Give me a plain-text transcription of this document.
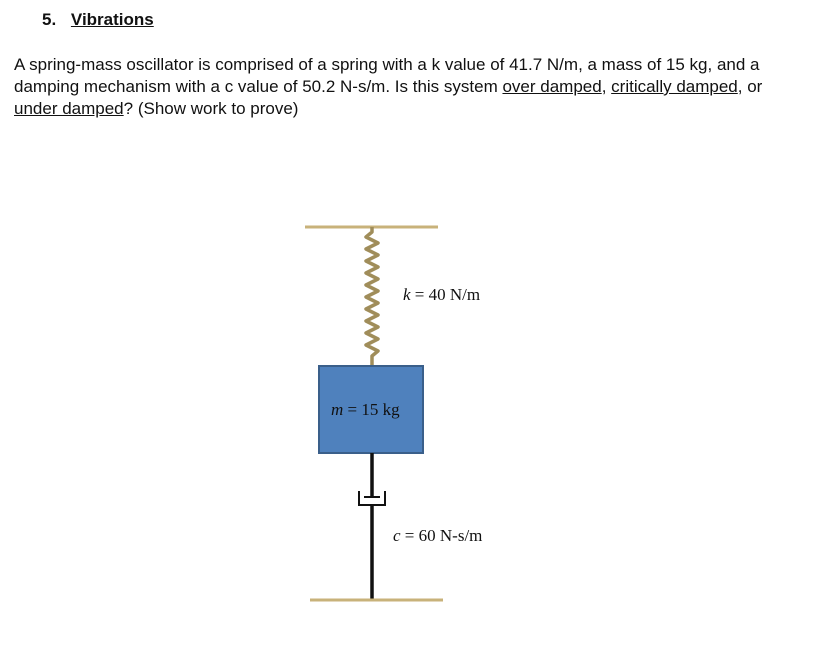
5. Vibrations

A spring-mass oscillator is comprised of a spring with a k value of 41.7 N/m, a mass of 15 kg, and a damping mechanism with a c value of 50.2 N-s/m. Is this system over damped, critically damped, or under damped? (Show work to prove)

k = 40 N/m
m = 15 kg
c = 60 N-s/m
